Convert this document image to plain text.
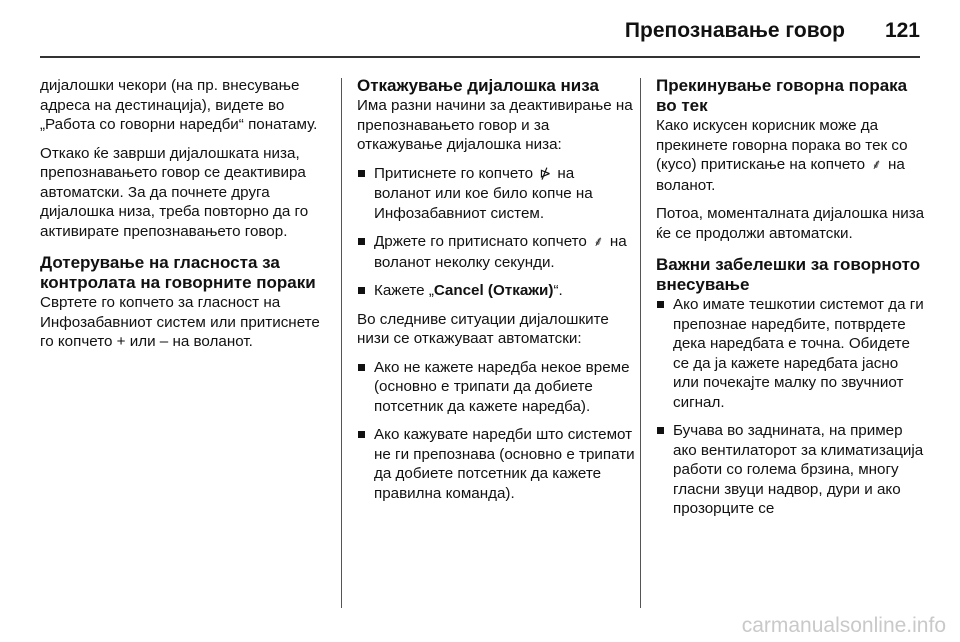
Препознавање говор 121

дијалошки чекори (на пр. внесување адреса на дестинација), видете во „Работа со говорни наредби“ понатаму.

Откако ќе заврши дијалошката низа, препознавањето говор се деактивира автоматски. За да почнете друга дијалошка низа, треба повторно да го активирате препознавањето говор.

Дотерување на гласноста за контролата на говорните пораки

Свртете го копчето за гласност на Инфозабавниот систем или притиснете го копчето + или – на воланот.

Откажување дијалошка низа

Има разни начини за деактивирање на препознавањето говор и за откажување дијалошка низа:

Притиснете го копчето ⋫ на воланот или кое било копче на Инфозабавниот систем.
Држете го притиснато копчето ⸙ на воланот неколку секунди.
Кажете „Cancel (Откажи)“.

Во следниве ситуации дијалошките низи се откажуваат автоматски:

Ако не кажете наредба некое време (основно е трипати да добиете потсетник да кажете наредба).
Ако кажувате наредби што системот не ги препознава (основно е трипати да добиете потсетник да кажете правилна команда).
Прекинување говорна порака во тек

Како искусен корисник може да прекинете говорна порака во тек со (кусо) притискање на копчето ⸙ на воланот.

Потоа, моменталната дијалошка низа ќе се продолжи автоматски.

Важни забелешки за говорното внесување
Ако имате тешкотии системот да ги препознае наредбите, потврдете дека наредбата е точна. Обидете се да ја кажете наредбата јасно или почекајте малку по звучниот сигнал.
Бучава во заднината, на пример ако вентилаторот за климатизација работи со голема брзина, многу гласни звуци надвор, дури и ако прозорците се
carmanualsonline.info
